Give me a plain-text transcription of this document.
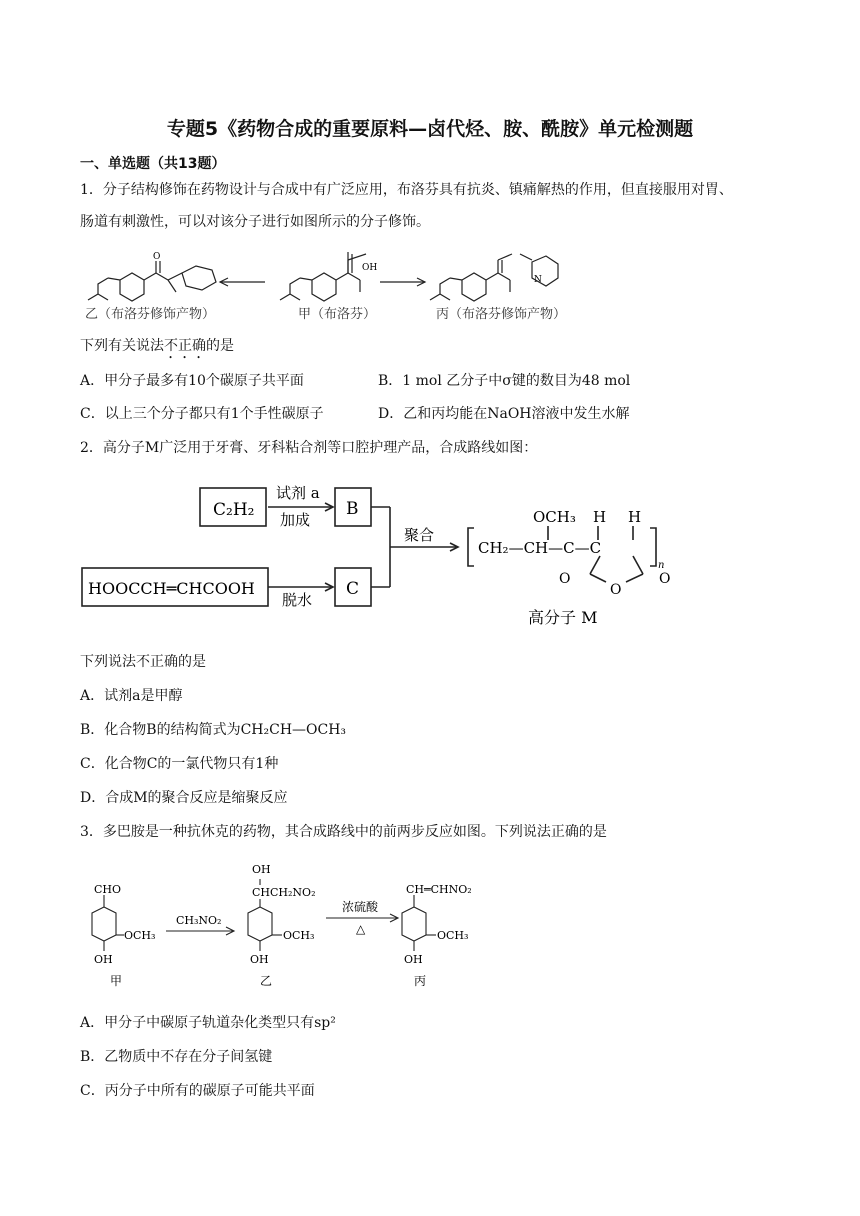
专题5《药物合成的重要原料—卤代烃、胺、酰胺》单元检测题
一、单选题（共13题）
1．分子结构修饰在药物设计与合成中有广泛应用，布洛芬具有抗炎、镇痛解热的作用，但直接服用对胃、
肠道有刺激性，可以对该分子进行如图所示的分子修饰。
OH
N
O
乙（布洛芬修饰产物）	甲（布洛芬）	丙（布洛芬修饰产物）
下列有关说法不正确的是
A．甲分子最多有10个碳原子共平面	B．1 mol 乙分子中σ键的数目为48 mol
C．以上三个分子都只有1个手性碳原子	D．乙和丙均能在NaOH溶液中发生水解
2．高分子M广泛用于牙膏、牙科粘合剂等口腔护理产品，合成路线如图：
C₂H₂
试剂 a
加成
B
HOOCCH═CHCOOH
脱水
C
聚合
OCH₃ H H
CH₂—CH—C—C
O
O
O
n
高分子 M
下列说法不正确的是
A．试剂a是甲醇
B．化合物B的结构简式为CH₂CH—OCH₃
C．化合物C的一氯代物只有1种
D．合成M的聚合反应是缩聚反应
3．多巴胺是一种抗休克的药物，其合成路线中的前两步反应如图。下列说法正确的是
CHO
OCH₃
OH
甲
CH₃NO₂
OH
CHCH₂NO₂
OCH₃
OH
乙
浓硫酸
△
CH═CHNO₂
OCH₃
OH
丙
A．甲分子中碳原子轨道杂化类型只有sp²
B．乙物质中不存在分子间氢键
C．丙分子中所有的碳原子可能共平面
